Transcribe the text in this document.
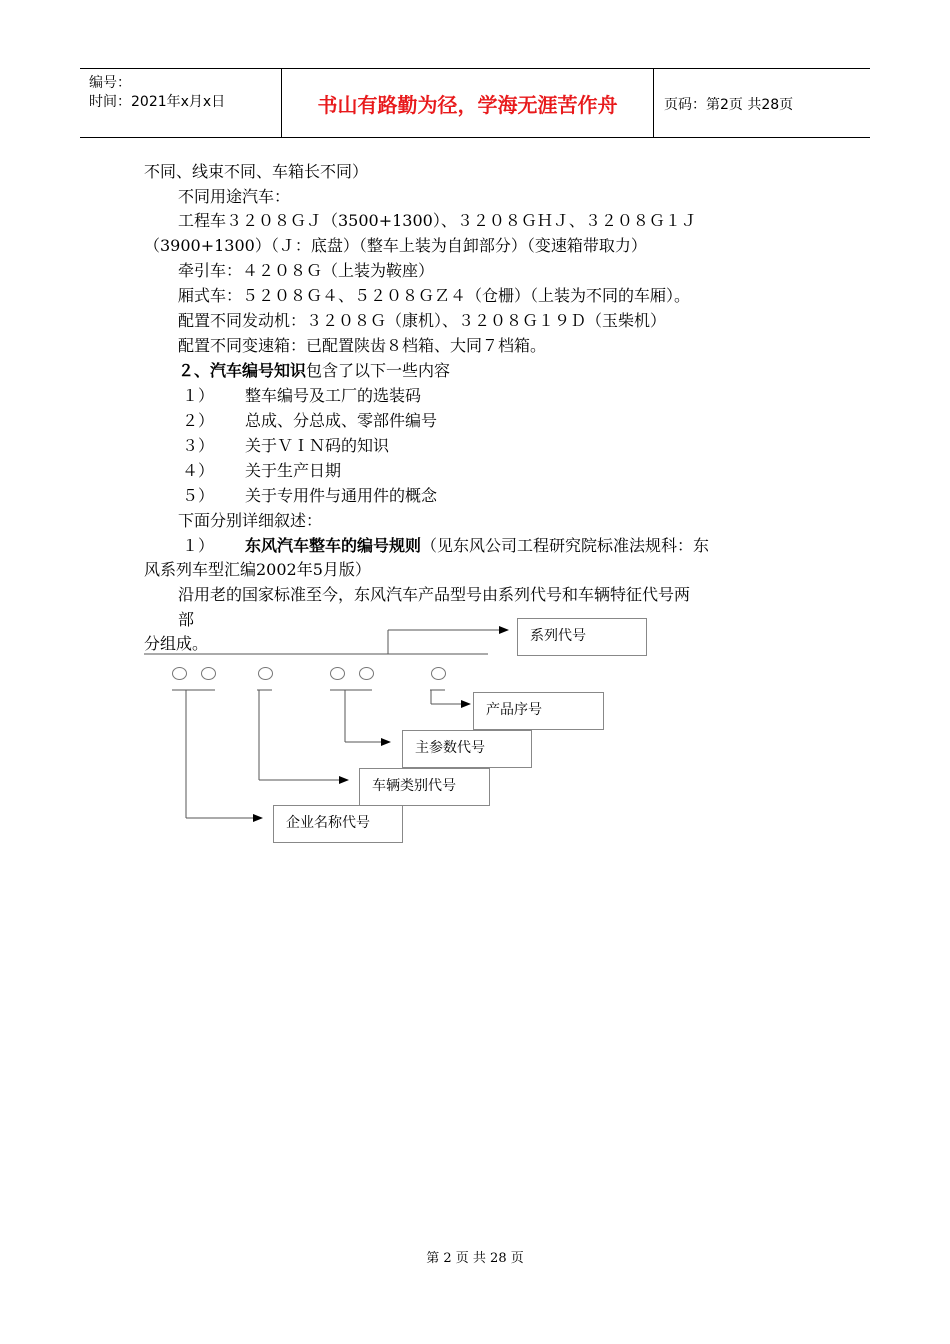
编号：
时间：2021年x月x日	书山有路勤为径，学海无涯苦作舟	页码：第2页 共28页
不同、线束不同、车箱长不同）
不同用途汽车：
工程车３２０８ＧＪ（3500+1300）、３２０８ＧＨＪ、３２０８Ｇ１Ｊ
（3900+1300）（Ｊ：底盘）（整车上装为自卸部分）（变速箱带取力）
牵引车：４２０８Ｇ（上装为鞍座）
厢式车：５２０８Ｇ４、５２０８ＧＺ４（仓栅）（上装为不同的车厢）。
配置不同发动机：３２０８Ｇ（康机）、３２０８Ｇ１９Ｄ（玉柴机）
配置不同变速箱：已配置陕齿８档箱、大同７档箱。
２、汽车编号知识包含了以下一些内容
１） 整车编号及工厂的选装码
２） 总成、分总成、零部件编号
３） 关于ＶＩＮ码的知识
４） 关于生产日期
５） 关于专用件与通用件的概念
下面分别详细叙述：
１） 东风汽车整车的编号规则（见东风公司工程研究院标准法规科：东
风系列车型汇编2002年5月版）
沿用老的国家标准至今，东风汽车产品型号由系列代号和车辆特征代号两
部
分组成。	系列代号
产品序号
主参数代号
车辆类别代号
企业名称代号
第 2 页 共 28 页
